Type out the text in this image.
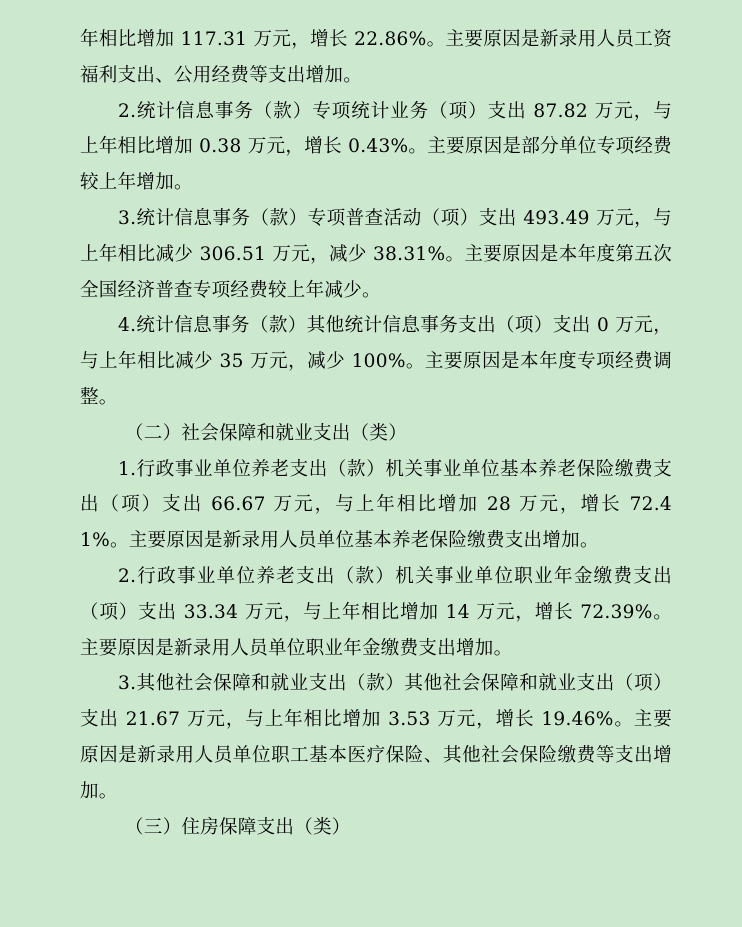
年相比增加 117.31 万元，增长 22.86%。主要原因是新录用人员工资福利支出、公用经费等支出增加。

2.统计信息事务（款）专项统计业务（项）支出 87.82 万元，与上年相比增加 0.38 万元，增长 0.43%。主要原因是部分单位专项经费较上年增加。

3.统计信息事务（款）专项普查活动（项）支出 493.49 万元，与上年相比减少 306.51 万元，减少 38.31%。主要原因是本年度第五次全国经济普查专项经费较上年减少。

4.统计信息事务（款）其他统计信息事务支出（项）支出 0 万元，与上年相比减少 35 万元，减少 100%。主要原因是本年度专项经费调整。

（二）社会保障和就业支出（类）

1.行政事业单位养老支出（款）机关事业单位基本养老保险缴费支出（项）支出 66.67 万元，与上年相比增加 28 万元，增长 72.41%。主要原因是新录用人员单位基本养老保险缴费支出增加。

2.行政事业单位养老支出（款）机关事业单位职业年金缴费支出（项）支出 33.34 万元，与上年相比增加 14 万元，增长 72.39%。主要原因是新录用人员单位职业年金缴费支出增加。

3.其他社会保障和就业支出（款）其他社会保障和就业支出（项）支出 21.67 万元，与上年相比增加 3.53 万元，增长 19.46%。主要原因是新录用人员单位职工基本医疗保险、其他社会保险缴费等支出增加。

（三）住房保障支出（类）
